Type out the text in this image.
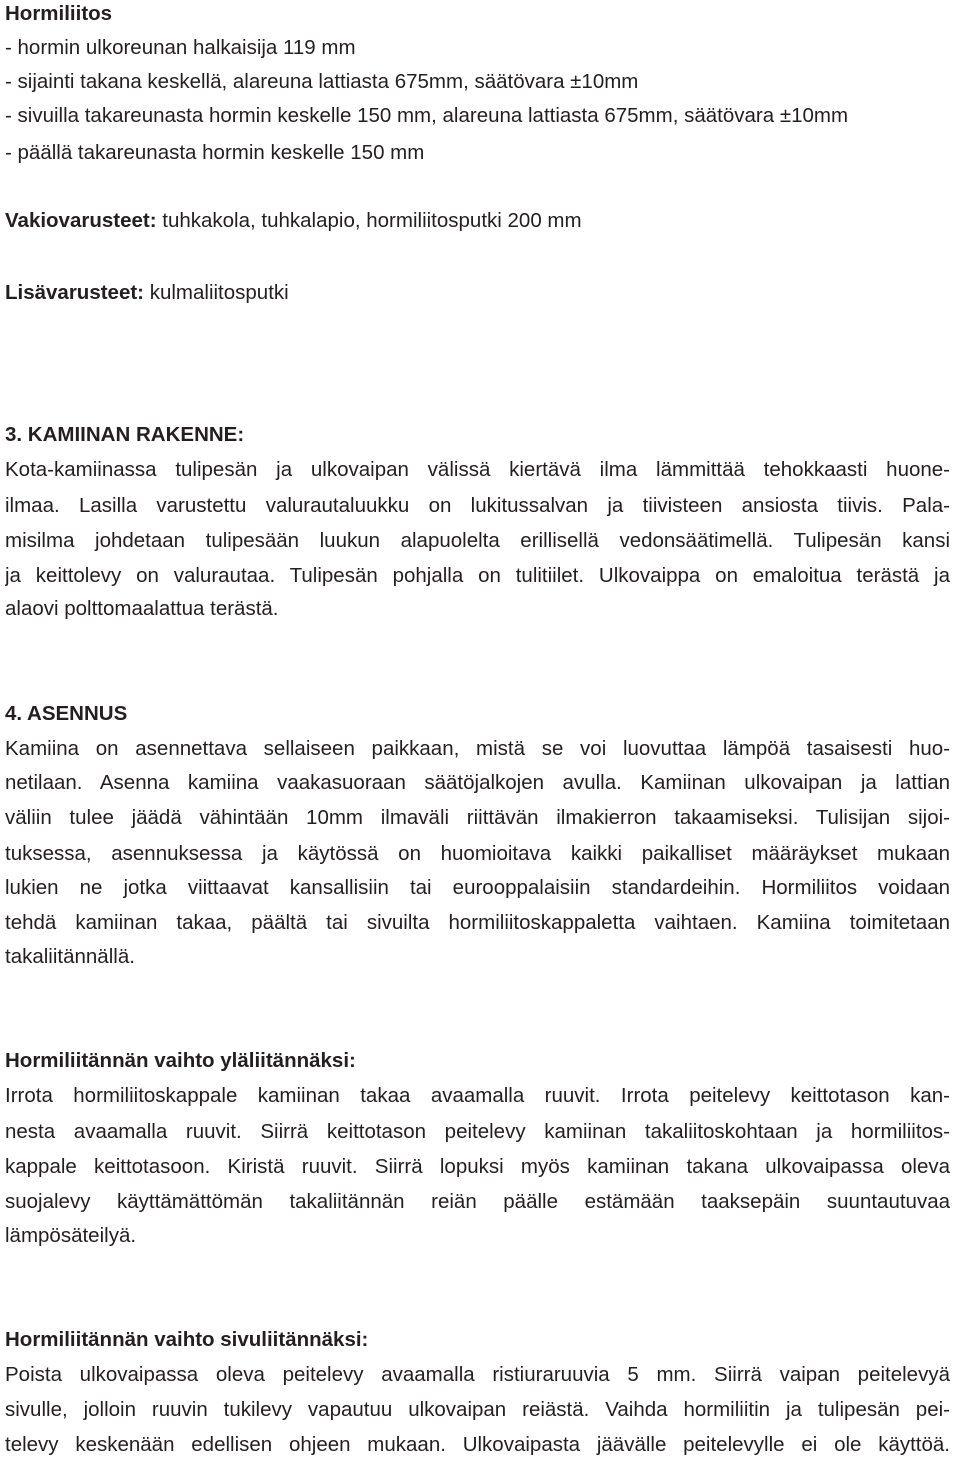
Hormiliitos
- hormin ulkoreunan halkaisija 119 mm
- sijainti takana keskellä, alareuna lattiasta 675mm, säätövara ±10mm
- sivuilla takareunasta hormin keskelle 150 mm, alareuna lattiasta 675mm, säätövara ±10mm
- päällä takareunasta hormin keskelle 150 mm
Vakiovarusteet: tuhkakola, tuhkalapio, hormiliitosputki 200 mm
Lisävarusteet: kulmaliitosputki
3. KAMIINAN RAKENNE:
Kota-kamiinassa tulipesän ja ulkovaipan välissä kiertävä ilma lämmittää tehokkaasti huone-
ilmaa. Lasilla varustettu valurautaluukku on lukitussalvan ja tiivisteen ansiosta tiivis. Pala-
misilma johdetaan tulipesään luukun alapuolelta erillisellä vedonsäätimellä. Tulipesän kansi
ja keittolevy on valurautaa. Tulipesän pohjalla on tulitiilet. Ulkovaippa on emaloitua terästä ja
alaovi polttomaalattua terästä.
4. ASENNUS
Kamiina on asennettava sellaiseen paikkaan, mistä se voi luovuttaa lämpöä tasaisesti huo-
netilaan. Asenna kamiina vaakasuoraan säätöjalkojen avulla. Kamiinan ulkovaipan ja lattian
väliin tulee jäädä vähintään 10mm ilmaväli riittävän ilmakierron takaamiseksi. Tulisijan sijoi-
tuksessa, asennuksessa ja käytössä on huomioitava kaikki paikalliset määräykset mukaan
lukien ne jotka viittaavat kansallisiin tai eurooppalaisiin standardeihin. Hormiliitos voidaan
tehdä kamiinan takaa, päältä tai sivuilta hormiliitoskappaletta vaihtaen. Kamiina toimitetaan
takaliitännällä.
Hormiliitännän vaihto yläliitännäksi:
Irrota hormiliitoskappale kamiinan takaa avaamalla ruuvit. Irrota peitelevy keittotason kan-
nesta avaamalla ruuvit. Siirrä keittotason peitelevy kamiinan takaliitoskohtaan ja hormiliitos-
kappale keittotasoon. Kiristä ruuvit. Siirrä lopuksi myös kamiinan takana ulkovaipassa oleva
suojalevy käyttämättömän takaliitännän reiän päälle estämään taaksepäin suuntautuvaa
lämpösäteilyä.
Hormiliitännän vaihto sivuliitännäksi:
Poista ulkovaipassa oleva peitelevy avaamalla ristiuraruuvia 5 mm. Siirrä vaipan peitelevyä
sivulle, jolloin ruuvin tukilevy vapautuu ulkovaipan reiästä. Vaihda hormiliitin ja tulipesän pei-
televy keskenään edellisen ohjeen mukaan. Ulkovaipasta jäävälle peitelevylle ei ole käyttöä.
